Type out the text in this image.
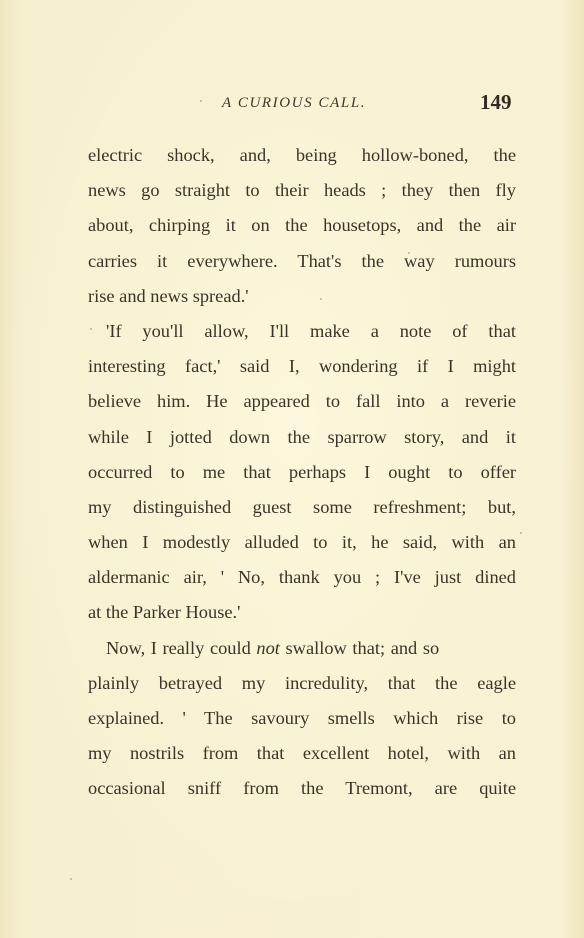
A CURIOUS CALL.	149
electric shock, and, being hollow-boned, the
news go straight to their heads ; they then fly
about, chirping it on the housetops, and the air
carries it everywhere. That's the way rumours
rise and news spread.'
'If you'll allow, I'll make a note of that
interesting fact,' said I, wondering if I might
believe him. He appeared to fall into a reverie
while I jotted down the sparrow story, and it
occurred to me that perhaps I ought to offer
my distinguished guest some refreshment; but,
when I modestly alluded to it, he said, with an
aldermanic air, ' No, thank you ; I've just dined
at the Parker House.'
Now, I really could not swallow that; and so
plainly betrayed my incredulity, that the eagle
explained. ' The savoury smells which rise to
my nostrils from that excellent hotel, with an
occasional sniff from the Tremont, are quite
